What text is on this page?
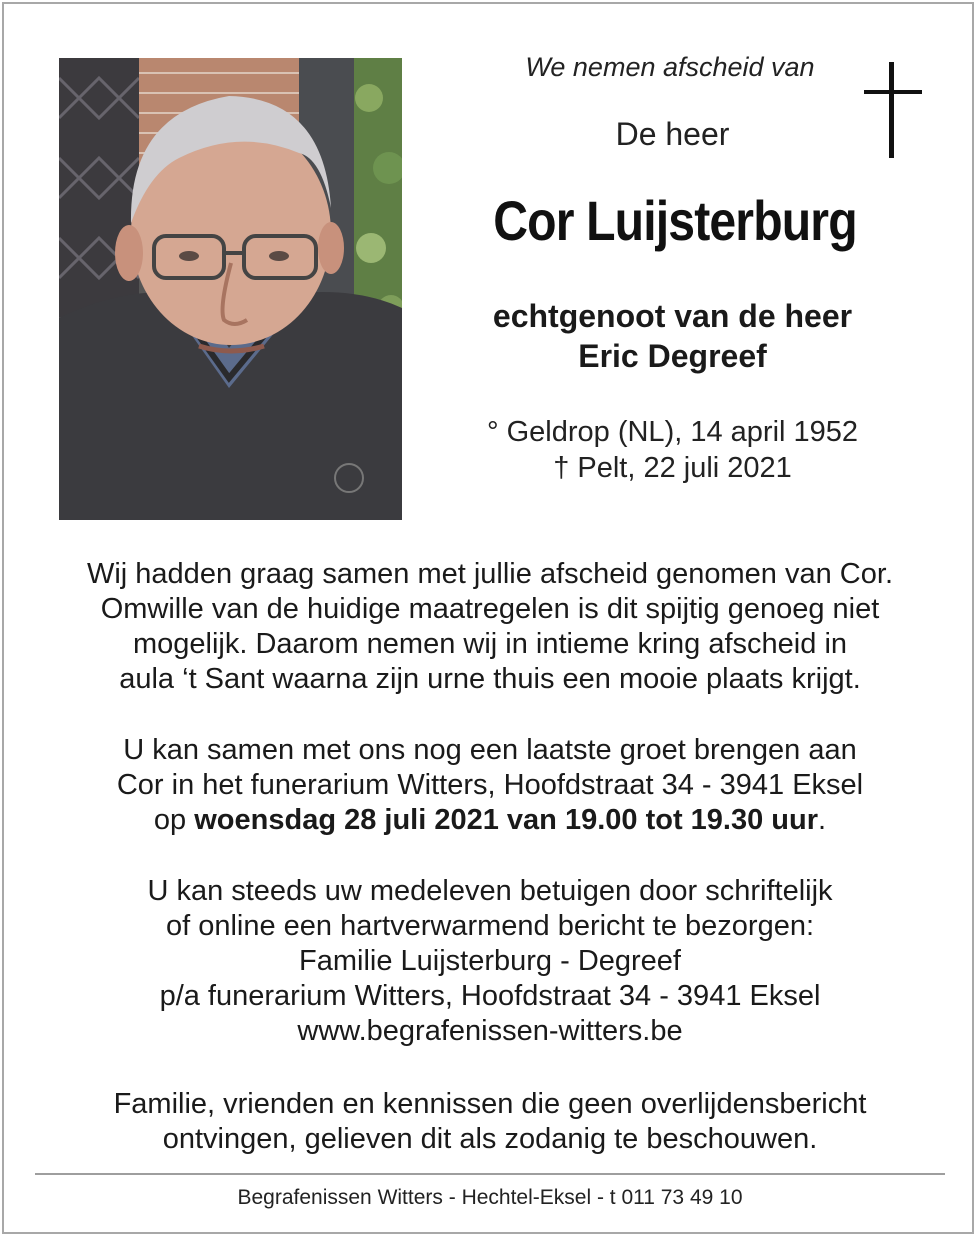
We nemen afscheid van
De heer
Cor Luijsterburg
echtgenoot van de heer
Eric Degreef
° Geldrop (NL), 14 april 1952
† Pelt, 22 juli 2021
Wij hadden graag samen met jullie afscheid genomen van Cor.
Omwille van de huidige maatregelen is dit spijtig genoeg niet
mogelijk. Daarom nemen wij in intieme kring afscheid in
aula ‘t Sant waarna zijn urne thuis een mooie plaats krijgt.
U kan samen met ons nog een laatste groet brengen aan
Cor in het funerarium Witters, Hoofdstraat 34 - 3941 Eksel
op woensdag 28 juli 2021 van 19.00 tot 19.30 uur.
U kan steeds uw medeleven betuigen door schriftelijk
of online een hartverwarmend bericht te bezorgen:
Familie Luijsterburg - Degreef
p/a funerarium Witters, Hoofdstraat 34 - 3941 Eksel
www.begrafenissen-witters.be
Familie, vrienden en kennissen die geen overlijdensbericht
ontvingen, gelieven dit als zodanig te beschouwen.
Begrafenissen Witters - Hechtel-Eksel - t 011 73 49 10
